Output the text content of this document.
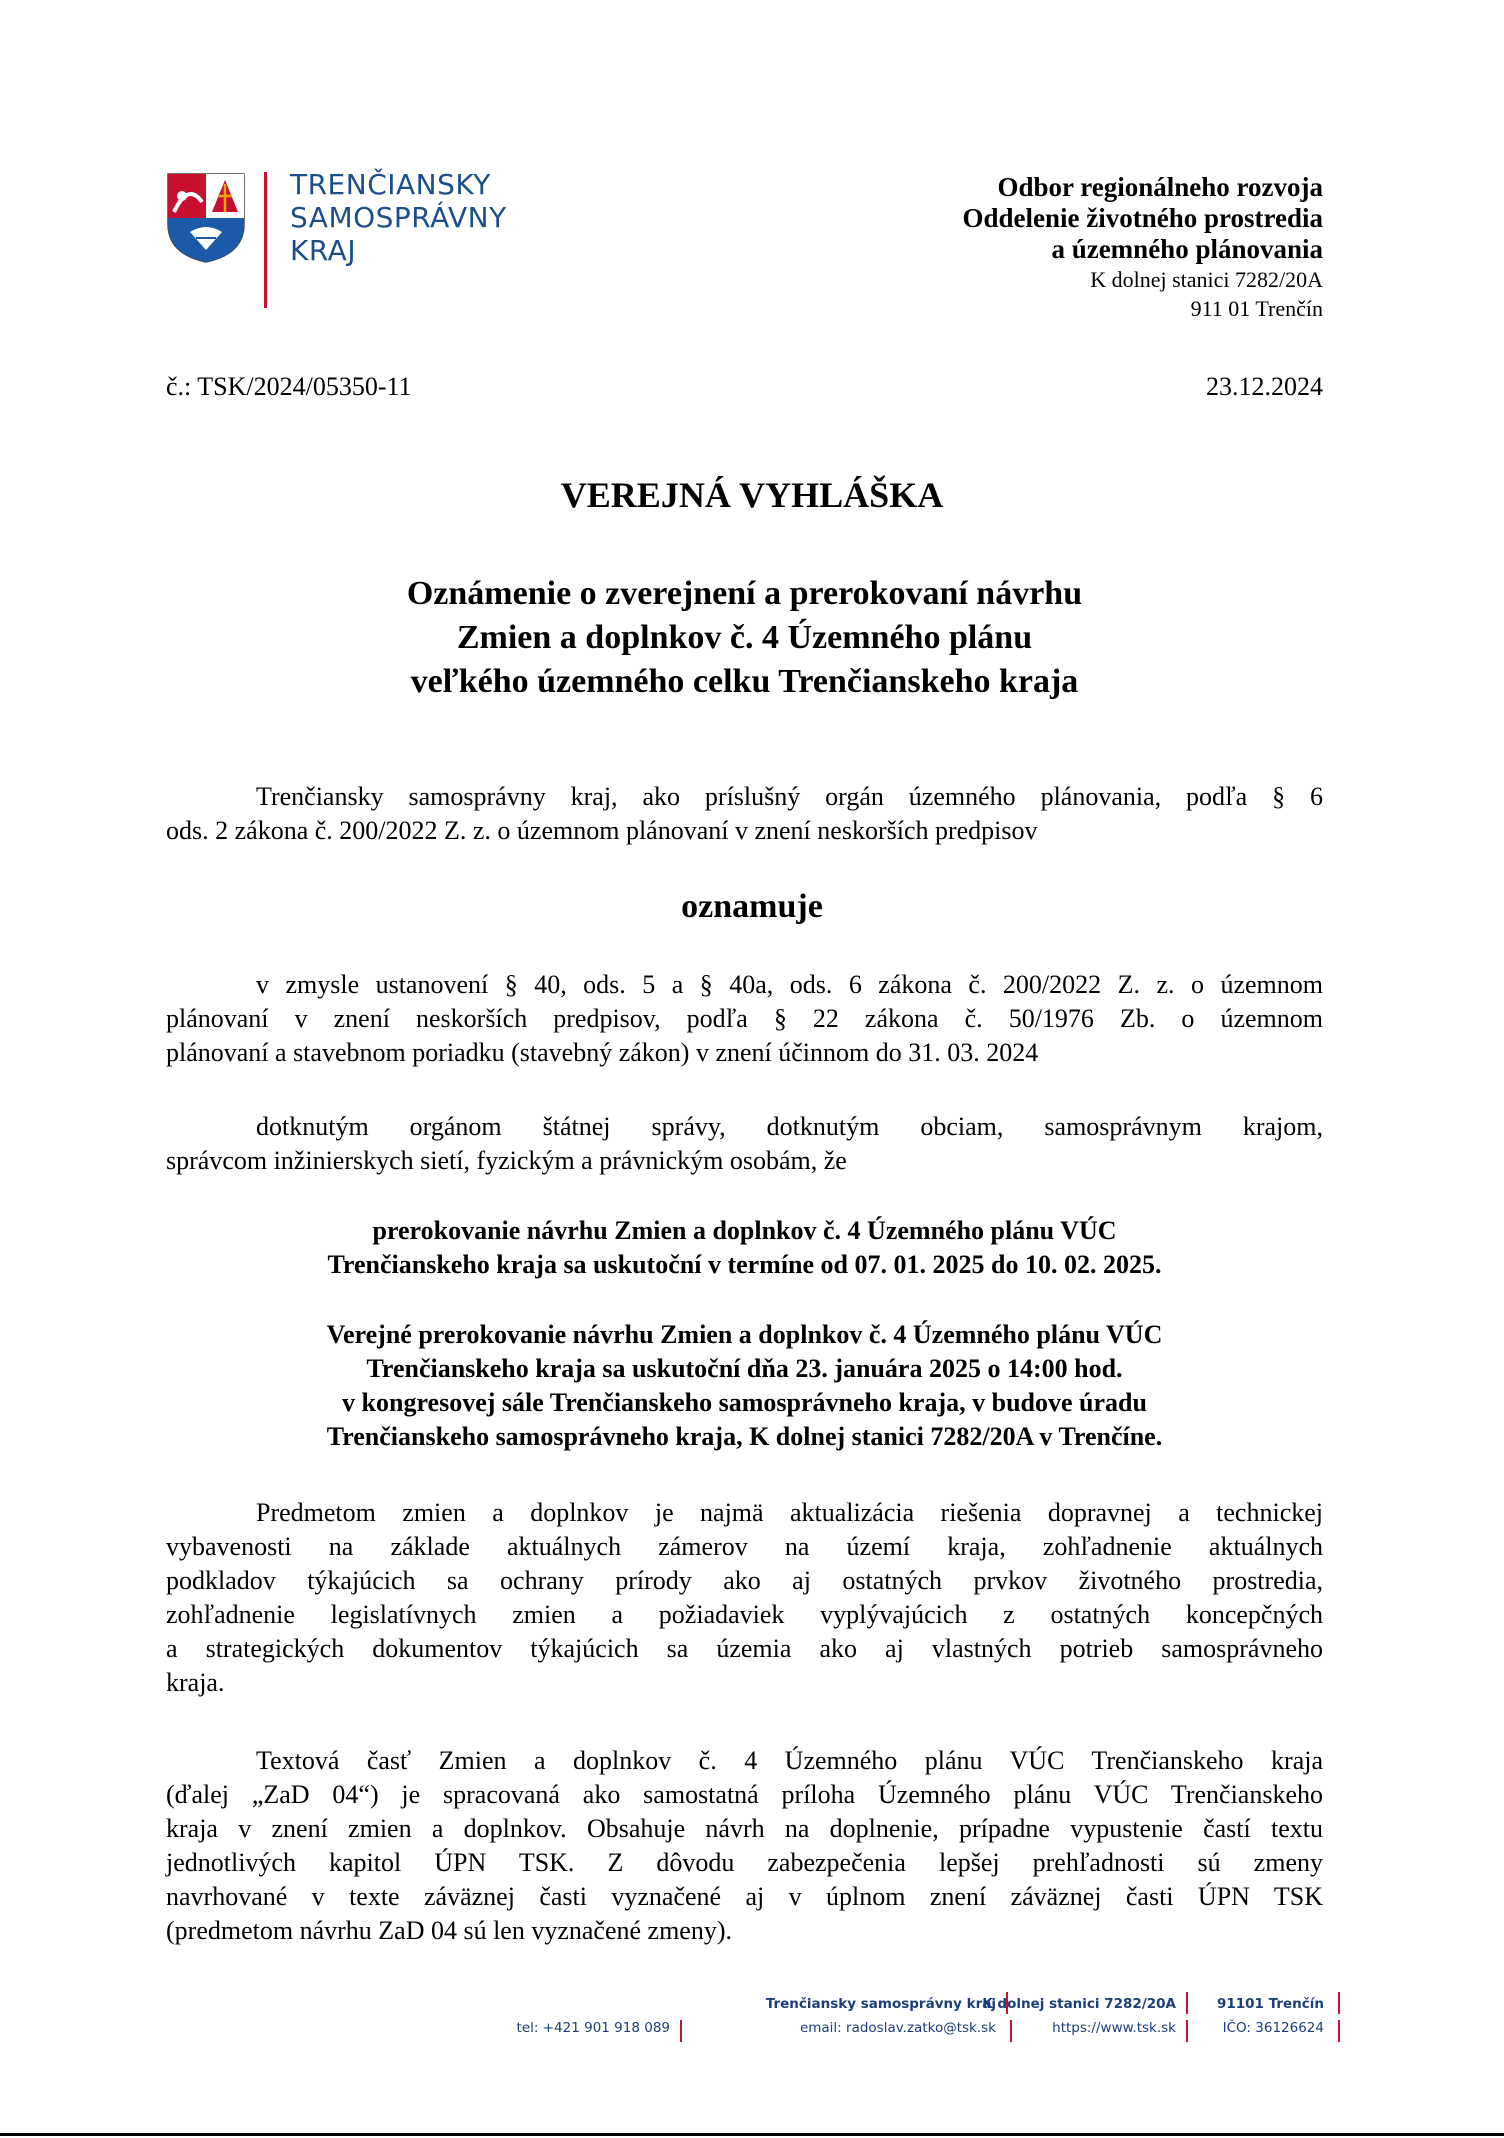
TRENČIANSKY
SAMOSPRÁVNY
KRAJ
Odbor regionálneho rozvoja
Oddelenie životného prostredia
a územného plánovania
K dolnej stanici 7282/20A
911 01 Trenčín
č.: TSK/2024/05350-11	23.12.2024
VEREJNÁ VYHLÁŠKA
Oznámenie o zverejnení a prerokovaní návrhu
Zmien a doplnkov č. 4 Územného plánu
veľkého územného celku Trenčianskeho kraja
Trenčiansky samosprávny kraj, ako príslušný orgán územného plánovania, podľa § 6
ods. 2 zákona č. 200/2022 Z. z. o územnom plánovaní v znení neskorších predpisov
oznamuje
v zmysle ustanovení § 40, ods. 5 a § 40a, ods. 6 zákona č. 200/2022 Z. z. o územnom
plánovaní v znení neskorších predpisov, podľa § 22 zákona č. 50/1976 Zb. o územnom
plánovaní a stavebnom poriadku (stavebný zákon) v znení účinnom do 31. 03. 2024
dotknutým orgánom štátnej správy, dotknutým obciam, samosprávnym krajom,
správcom inžinierskych sietí, fyzickým a právnickým osobám, že
prerokovanie návrhu Zmien a doplnkov č. 4 Územného plánu VÚC
Trenčianskeho kraja sa uskutoční v termíne od 07. 01. 2025 do 10. 02. 2025.
Verejné prerokovanie návrhu Zmien a doplnkov č. 4 Územného plánu VÚC
Trenčianskeho kraja sa uskutoční dňa 23. januára 2025 o 14:00 hod.
v kongresovej sále Trenčianskeho samosprávneho kraja, v budove úradu
Trenčianskeho samosprávneho kraja, K dolnej stanici 7282/20A v Trenčíne.
Predmetom zmien a doplnkov je najmä aktualizácia riešenia dopravnej a technickej
vybavenosti na základe aktuálnych zámerov na území kraja, zohľadnenie aktuálnych
podkladov týkajúcich sa ochrany prírody ako aj ostatných prvkov životného prostredia,
zohľadnenie legislatívnych zmien a požiadaviek vyplývajúcich z ostatných koncepčných
a strategických dokumentov týkajúcich sa územia ako aj vlastných potrieb samosprávneho
kraja.
Textová časť Zmien a doplnkov č. 4 Územného plánu VÚC Trenčianskeho kraja
(ďalej „ZaD 04“) je spracovaná ako samostatná príloha Územného plánu VÚC Trenčianskeho
kraja v znení zmien a doplnkov. Obsahuje návrh na doplnenie, prípadne vypustenie častí textu
jednotlivých kapitol ÚPN TSK. Z dôvodu zabezpečenia lepšej prehľadnosti sú zmeny
navrhované v texte záväznej časti vyznačené aj v úplnom znení záväznej časti ÚPN TSK
(predmetom návrhu ZaD 04 sú len vyznačené zmeny).

tel: +421 901 918 089
Trenčiansky samosprávny kraj
email: radoslav.zatko@tsk.sk
K dolnej stanici 7282/20A
https://www.tsk.sk
91101 Trenčín
IČO: 36126624
